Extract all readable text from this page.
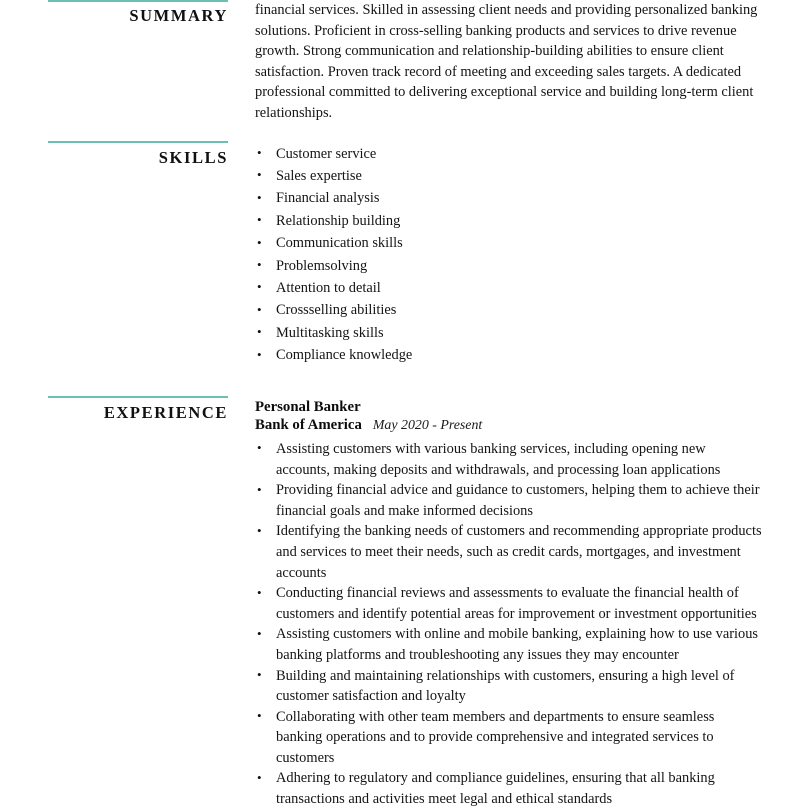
SUMMARY financial services. Skilled in assessing client needs and providing personalized banking solutions. Proficient in cross-selling banking products and services to drive revenue growth. Strong communication and relationship-building abilities to ensure client satisfaction. Proven track record of meeting and exceeding sales targets. A dedicated professional committed to delivering exceptional service and building long-term client relationships.

SKILLS	• Customer service
• Sales expertise
• Financial analysis
• Relationship building
• Communication skills
• Problemsolving
• Attention to detail
• Crossselling abilities
• Multitasking skills
• Compliance knowledge
EXPERIENCE Personal Banker
Bank of America May 2020 - Present
• Assisting customers with various banking services, including opening new accounts, making deposits and withdrawals, and processing loan applications
• Providing financial advice and guidance to customers, helping them to achieve their financial goals and make informed decisions
• Identifying the banking needs of customers and recommending appropriate products and services to meet their needs, such as credit cards, mortgages, and investment accounts
• Conducting financial reviews and assessments to evaluate the financial health of customers and identify potential areas for improvement or investment opportunities
• Assisting customers with online and mobile banking, explaining how to use various banking platforms and troubleshooting any issues they may encounter
• Building and maintaining relationships with customers, ensuring a high level of customer satisfaction and loyalty
• Collaborating with other team members and departments to ensure seamless banking operations and to provide comprehensive and integrated services to customers
• Adhering to regulatory and compliance guidelines, ensuring that all banking transactions and activities meet legal and ethical standards
